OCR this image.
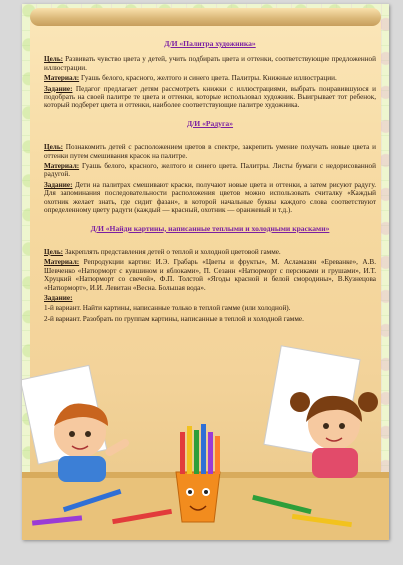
Д/И «Палитра художника»

Цель: Развивать чувство цвета у детей, учить подбирать цвета и оттенки, соответствующие предложенной иллюстрации.

Материал: Гуашь белого, красного, желтого и синего цвета. Палитры. Книжные иллюстрации.

Задание: Педагог предлагает детям рассмотреть книжки с иллюстрациями, выбрать понравившуюся и подобрать на своей палитре те цвета и оттенки, которые использовал художник. Выигрывает тот ребенок, который подберет цвета и оттенки, наиболее соответствующие палитре художника.

Д/И «Радуга»

Цель: Познакомить детей с расположением цветов в спектре, закрепить умение получать новые цвета и оттенки путем смешивания красок на палитре.

Материал: Гуашь белого, красного, желтого и синего цвета. Палитры. Листы бумаги с недорисованной радугой.

Задание: Дети на палитрах смешивают краски, получают новые цвета и оттенки, а затем рисуют радугу. Для запоминания последовательности расположения цветов можно использовать считалку «Каждый охотник желает знать, где сидит фазан», в которой начальные буквы каждого слова соответствуют определенному цвету радуги (каждый — красный, охотник — оранжевый и т.д.).

Д/И «Найди картины, написанные теплыми и холодными красками»

Цель: Закреплять представления детей о теплой и холодной цветовой гамме.

Материал: Репродукции картин: И.Э. Грабарь «Цветы и фрукты», М. Асламазян «Ереванке», А.В. Шевченко «Натюрморт с кувшином и яблоками», П. Сезанн «Натюрморт с персиками и грушами», И.Т. Хруцкий «Натюрморт со свечой», Ф.П. Толстой «Ягоды красной и белой смородины», В.Кузнецова «Натюрморт», И.И. Левитан «Весна. Большая вода».

Задание:

1-й вариант. Найти картины, написанные только в теплой гамме (или холодной).

2-й вариант. Разобрать по группам картины, написанные в теплой и холодной гамме.
